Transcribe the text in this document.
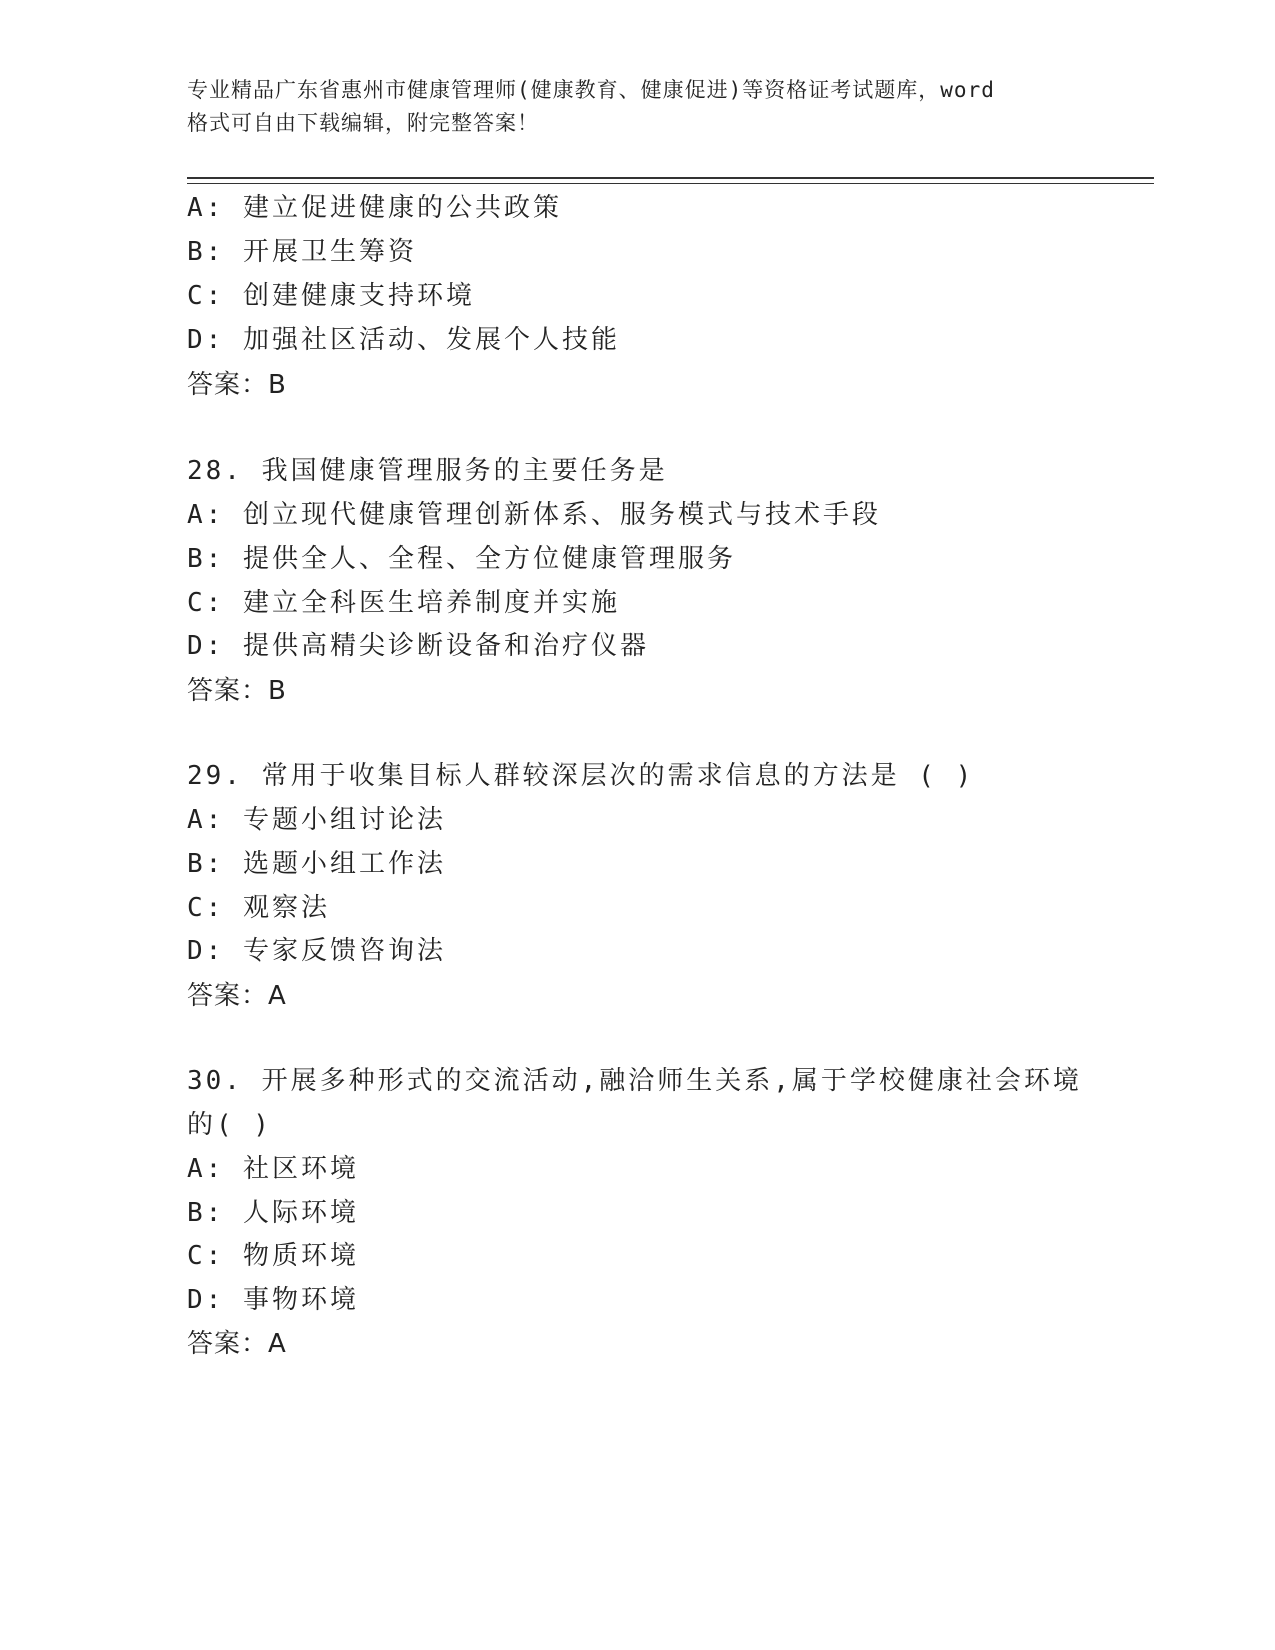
专业精品广东省惠州市健康管理师(健康教育、健康促进)等资格证考试题库，word
格式可自由下载编辑，附完整答案！
A: 建立促进健康的公共政策
B: 开展卫生筹资
C: 创建健康支持环境
D: 加强社区活动、发展个人技能
答案：B
28. 我国健康管理服务的主要任务是
A: 创立现代健康管理创新体系、服务模式与技术手段
B: 提供全人、全程、全方位健康管理服务
C: 建立全科医生培养制度并实施
D: 提供高精尖诊断设备和治疗仪器
答案：B
29. 常用于收集目标人群较深层次的需求信息的方法是 ( )
A: 专题小组讨论法
B: 选题小组工作法
C: 观察法
D: 专家反馈咨询法
答案：A
30. 开展多种形式的交流活动,融洽师生关系,属于学校健康社会环境
的( )
A: 社区环境
B: 人际环境
C: 物质环境
D: 事物环境
答案：A
